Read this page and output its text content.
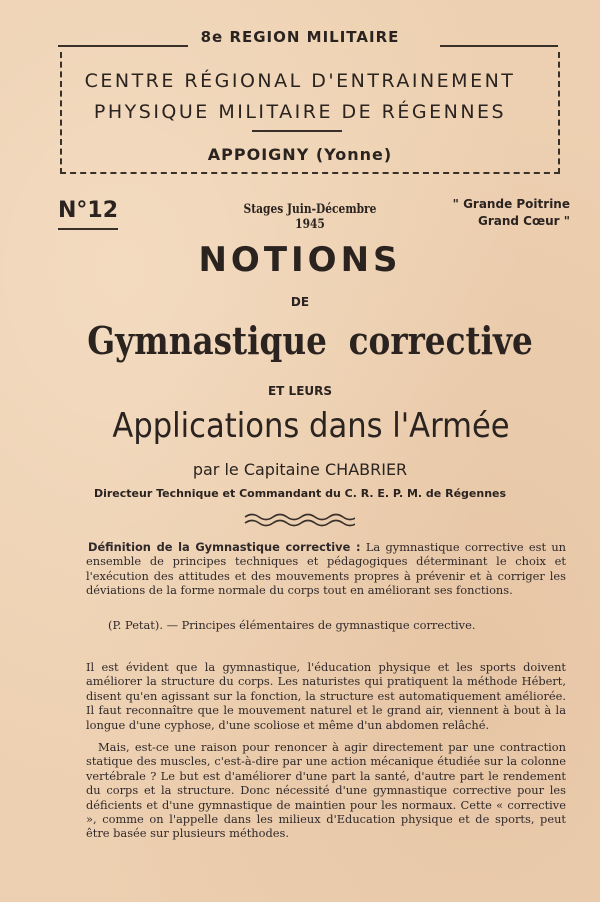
8e REGION MILITAIRE
CENTRE RÉGIONAL D'ENTRAINEMENT
PHYSIQUE MILITAIRE DE RÉGENNES
APPOIGNY (Yonne)
N°12	Stages Juin-Décembre 1945
" Grande Poitrine
Grand Cœur "
NOTIONS
DE
Gymnastique corrective
ET LEURS
Applications dans l'Armée
par le Capitaine CHABRIER
Directeur Technique et Commandant du C. R. E. P. M. de Régennes
Définition de la Gymnastique corrective : La gymnastique corrective est un ensemble de principes techniques et pédagogiques déterminant le choix et l'exécution des attitudes et des mouvements propres à prévenir et à corriger les déviations de la forme normale du corps tout en améliorant ses fonctions.
(P. Petat). — Principes élémentaires de gymnastique corrective.
Il est évident que la gymnastique, l'éducation physique et les sports doivent améliorer la structure du corps. Les naturistes qui pratiquent la méthode Hébert, disent qu'en agissant sur la fonction, la structure est automatiquement améliorée. Il faut reconnaître que le mouvement naturel et le grand air, viennent à bout à la longue d'une cyphose, d'une scoliose et même d'un abdomen relâché.
Mais, est-ce une raison pour renoncer à agir directement par une contraction statique des muscles, c'est-à-dire par une action mécanique étudiée sur la colonne vertébrale ? Le but est d'améliorer d'une part la santé, d'autre part le rendement du corps et la structure. Donc nécessité d'une gymnastique corrective pour les déficients et d'une gymnastique de maintien pour les normaux. Cette « corrective », comme on l'appelle dans les milieux d'Education physique et de sports, peut être basée sur plusieurs méthodes.
